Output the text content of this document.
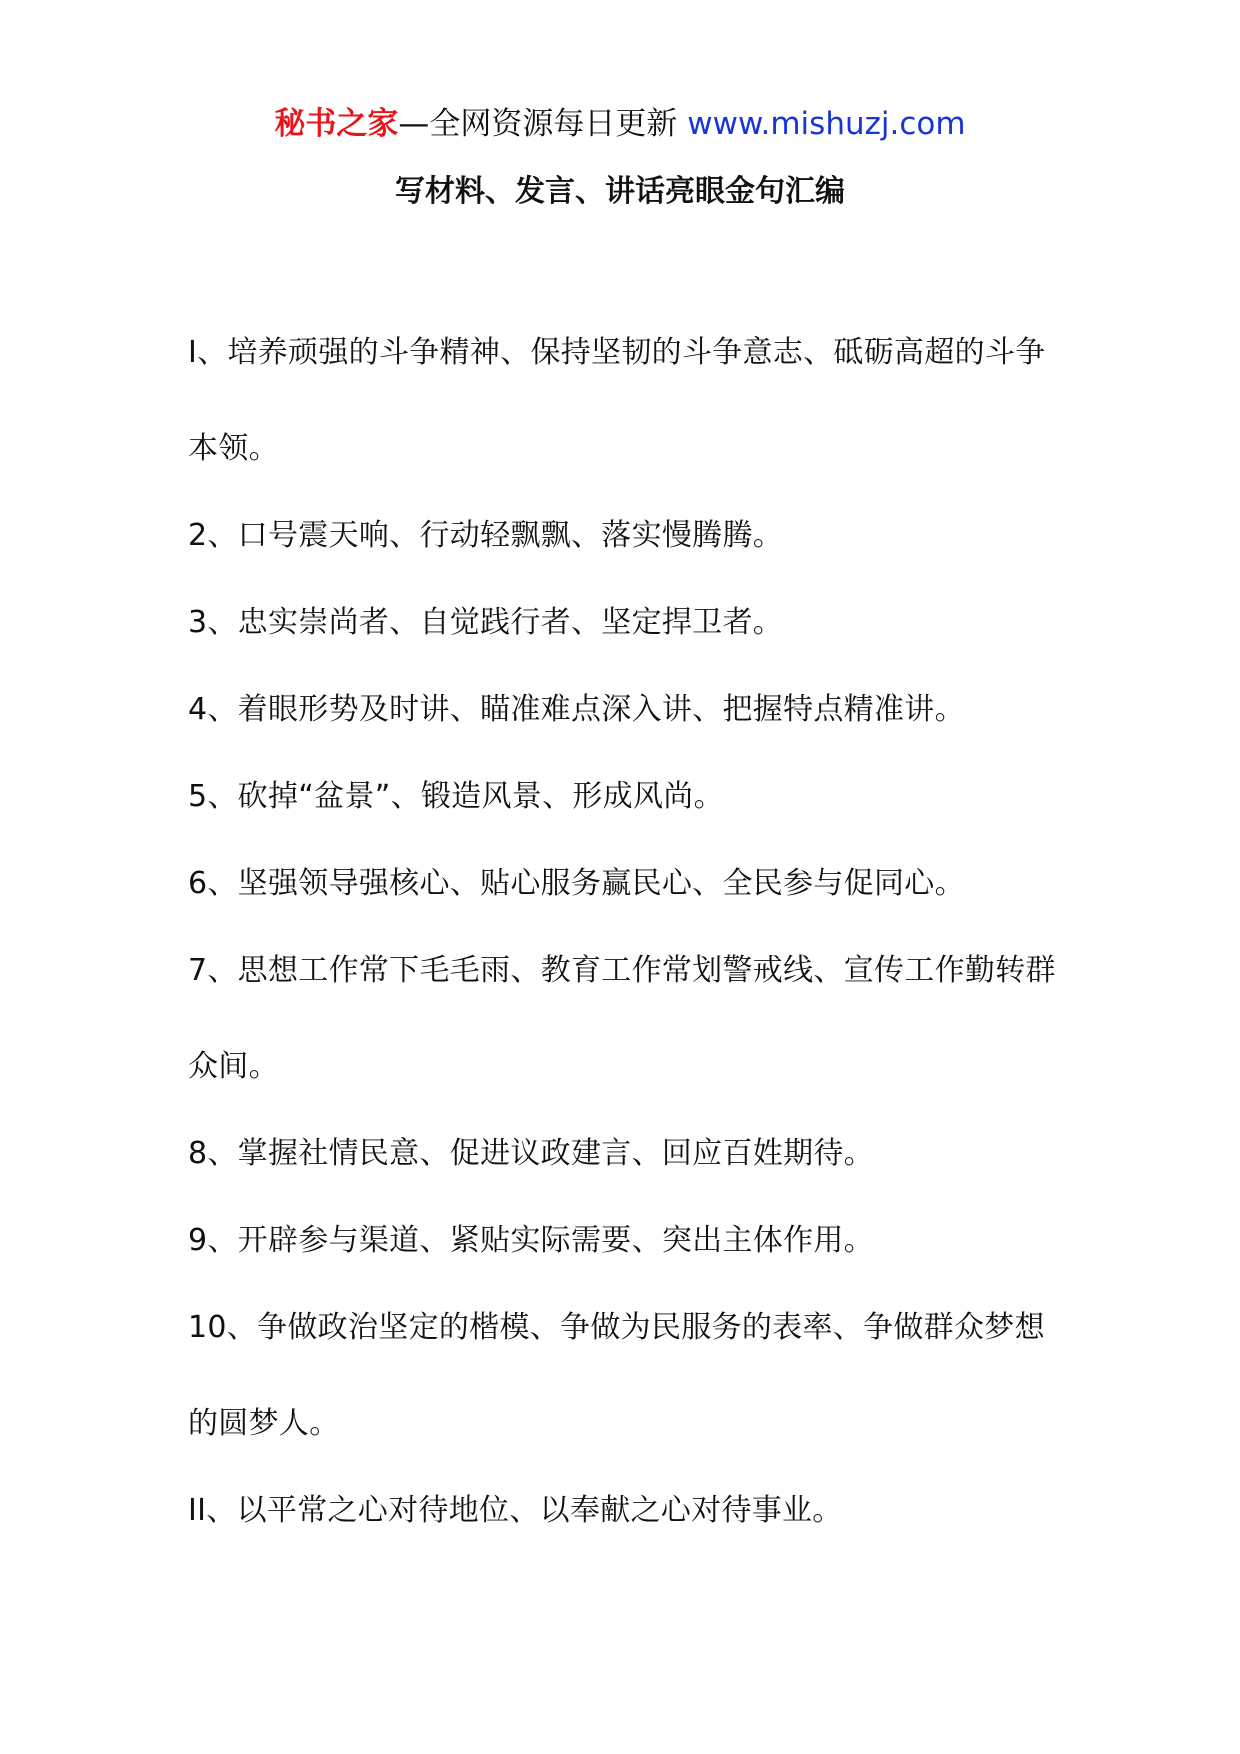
秘书之家—全网资源每日更新 www.mishuzj.com
写材料、发言、讲话亮眼金句汇编
I、培养顽强的斗争精神、保持坚韧的斗争意志、砥砺高超的斗争本领。
2、口号震天响、行动轻飘飘、落实慢腾腾。
3、忠实崇尚者、自觉践行者、坚定捍卫者。
4、着眼形势及时讲、瞄准难点深入讲、把握特点精准讲。
5、砍掉“盆景”、锻造风景、形成风尚。
6、坚强领导强核心、贴心服务赢民心、全民参与促同心。
7、思想工作常下毛毛雨、教育工作常划警戒线、宣传工作勤转群众间。
8、掌握社情民意、促进议政建言、回应百姓期待。
9、开辟参与渠道、紧贴实际需要、突出主体作用。
10、争做政治坚定的楷模、争做为民服务的表率、争做群众梦想的圆梦人。
II、以平常之心对待地位、以奉献之心对待事业。
